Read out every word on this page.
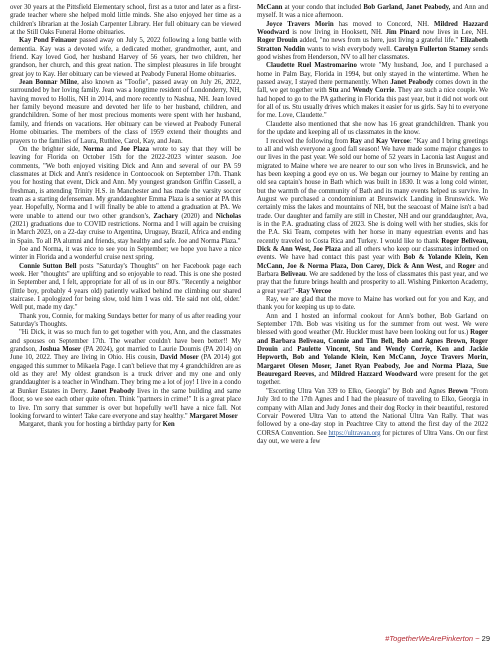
over 30 years at the Pittsfield Elementary school, first as a tutor and later as a first-grade teacher where she helped mold little minds. She also enjoyed her time as a children's librarian at the Josiah Carpenter Library. Her full obituary can be viewed at the Still Oaks Funeral Home obituaries.

Kay Pond Feinauer passed away on July 5, 2022 following a long battle with dementia. Kay was a devoted wife, a dedicated mother, grandmother, aunt, and friend. Kay loved God, her husband Harvey of 56 years, her two children, her grandson, her church, and this great nation. The simplest pleasures in life brought great joy to Kay. Her obituary can be viewed at Peabody Funeral Home obituaries.

Jean Bonnar Milne, also known as "Toofie", passed away on July 26, 2022, surrounded by her loving family. Jean was a longtime resident of Londonderry, NH, having moved to Hollis, NH in 2014, and more recently to Nashua, NH. Jean loved her family beyond measure and devoted her life to her husband, children, and grandchildren. Some of her most precious moments were spent with her husband, family, and friends on vacations. Her obituary can be viewed at Peabody Funeral Home obituaries. The members of the class of 1959 extend their thoughts and prayers to the families of Laura, Ruthlee, Carol, Kay, and Jean.

On the brighter side, Norma and Joe Plaza wrote to say that they will be leaving for Florida on October 15th for the 2022-2023 winter season. Joe comments, "We both enjoyed visiting Dick and Ann and several of our PA 59 classmates at Dick and Ann's residence in Contoocook on September 17th. Thank you for hosting that event, Dick and Ann. My youngest grandson Griffin Cassell, a freshman, is attending Trinity H.S. in Manchester and has made the varsity soccer team as a starting defenseman. My granddaughter Emma Plaza is a senior at PA this year. Hopefully, Norma and I will finally be able to attend a graduation at PA. We were unable to attend our two other grandson's, Zachary (2020) and Nicholas (2021) graduations due to COVID restrictions. Norma and I will again be cruising in March 2023, on a 22-day cruise to Argentina, Uruguay, Brazil, Africa and ending in Spain. To all PA alumni and friends, stay healthy and safe. Joe and Norma Plaza."

Joe and Norma, it was nice to see you in September; we hope you have a nice winter in Florida and a wonderful cruise next spring.

Connie Sutton Bell posts "Saturday's Thoughts" on her Facebook page each week. Her "thoughts" are uplifting and so enjoyable to read. This is one she posted in September and, I felt, appropriate for all of us in our 80's. "Recently a neighbor (little boy, probably 4 years old) patiently walked behind me climbing our shared staircase. I apologized for being slow, told him I was old. 'He said not old, older.' Well put, made my day."

Thank you, Connie, for making Sundays better for many of us after reading your Saturday's Thoughts.

"Hi Dick, it was so much fun to get together with you, Ann, and the classmates and spouses on September 17th. The weather couldn't have been better!! My grandson, Joshua Moser (PA 2024), got married to Laurie Doumis (PA 2014) on June 10, 2022. They are living in Ohio. His cousin, David Moser (PA 2014) got engaged this summer to Mikaela Page. I can't believe that my 4 grandchildren are as old as they are! My oldest grandson is a truck driver and my one and only granddaughter is a teacher in Windham. They bring me a lot of joy! I live in a condo at Bunker Estates in Derry. Janet Peabody lives in the same building and same floor, so we see each other quite often. Think "partners in crime!" It is a great place to live. I'm sorry that summer is over but hopefully we'll have a nice fall. Not looking forward to winter! Take care everyone and stay healthy." Margaret Moser

Margaret, thank you for hosting a birthday party for Ken

McCann at your condo that included Bob Garland, Janet Peabody, and Ann and myself. It was a nice afternoon.

Joyce Travers Morin has moved to Concord, NH. Mildred Hazzard Woodward is now living in Hooksett, NH. Jim Pinard now lives in Lee, NH. Roger Drouin added, "no news from us here, just living a grateful life." Elizabeth Stratton Noddin wants to wish everybody well. Carolyn Fullerton Stamey sends good wishes from Henderson, NV to all her classmates.

Claudette Ruel Mastromarino wrote "My husband, Joe, and I purchased a home in Palm Bay, Florida in 1994, but only stayed in the wintertime. When he passed away, I stayed there permanently. When Janet Peabody comes down in the fall, we get together with Stu and Wendy Corrie. They are such a nice couple. We had hoped to go to the PA gathering in Florida this past year, but it did not work out for all of us. Stu usually drives which makes it easier for us girls. Say hi to everyone for me. Love, Claudette."

Claudette also mentioned that she now has 16 great grandchildren. Thank you for the update and keeping all of us classmates in the know.

I received the following from Ray and Kay Vercoe: "Kay and I bring greetings to all and wish everyone a good fall season! We have made some major changes to our lives in the past year. We sold our home of 52 years in Laconia last August and migrated to Maine where we are nearer to our son who lives in Brunswick, and he has been keeping a good eye on us. We began our journey to Maine by renting an old sea captain's house in Bath which was built in 1830. It was a long cold winter, but the warmth of the community of Bath and its many events helped us survive. In August we purchased a condominium at Brunswick Landing in Brunswick. We certainly miss the lakes and mountains of NH, but the seacoast of Maine isn't a bad trade. Our daughter and family are still in Chester, NH and our granddaughter, Ava, is in the P.A. graduating class of 2023. She is doing well with her studies, skis for the P.A. Ski Team, competes with her horse in many equestrian events and has recently traveled to Costa Rica and Turkey. I would like to thank Roger Beliveau, Dick & Ann West, Joe Plaza and all others who keep our classmates informed on events. We have had contact this past year with Bob & Yolande Klein, Ken McCann, Joe & Norma Plaza, Don Carey, Dick & Ann West, and Roger and Barbara Beliveau. We are saddened by the loss of classmates this past year, and we pray that the future brings health and prosperity to all. Wishing Pinkerton Academy, a great year!" -Ray Vercoe

Ray, we are glad that the move to Maine has worked out for you and Kay, and thank you for keeping us up to date.

Ann and I hosted an informal cookout for Ann's bother, Bob Garland on September 17th. Bob was visiting us for the summer from out west. We were blessed with good weather (Mr. Huckler must have been looking out for us.) Roger and Barbara Beliveau, Connie and Tim Bell, Bob and Agnes Brown, Roger Drouin and Paulette Vincent, Stu and Wendy Corrie, Ken and Jackie Hepworth, Bob and Yolande Klein, Ken McCann, Joyce Travers Morin, Margaret Olesen Moser, Janet Ryan Peabody, Joe and Norma Plaza, Sue Beauregard Reeves, and Mildred Hazzard Woodward were present for the get together.

"Escorting Ultra Van 339 to Elko, Georgia" by Bob and Agnes Brown "From July 3rd to the 17th Agnes and I had the pleasure of traveling to Elko, Georgia in company with Allan and Judy Jones and their dog Rocky in their beautiful, restored Corvair Powered Ultra Van to attend the National Ultra Van Rally. That was followed by a one-day stop in Peachtree City to attend the first day of the 2022 CORSA Convention. See https://ultravan.org for pictures of Ultra Vans. On our first day out, we were a few

#TogetherWeArePinkerton ~ 29
